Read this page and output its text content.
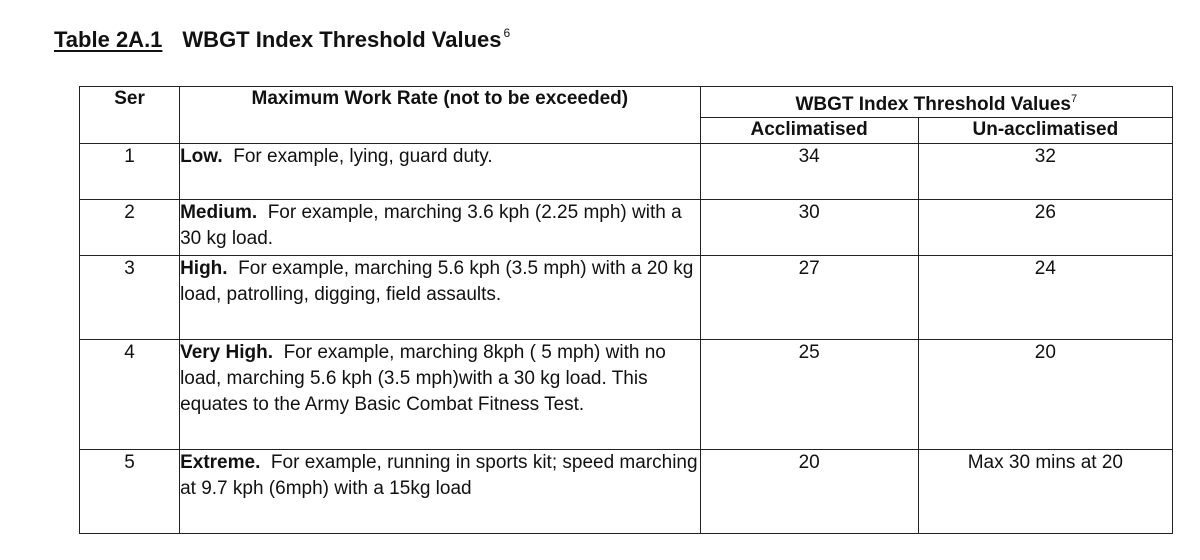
Table 2A.1 WBGT Index Threshold Values $^6$
Ser	Maximum Work Rate (not to be exceeded)	WBGT Index Threshold Values$^7$
		Acclimatised	Un-acclimatised
1	Low. For example, lying, guard duty.	34	32
2	Medium. For example, marching 3.6 kph (2.25 mph) with a 30 kg load.	30	26
3	High. For example, marching 5.6 kph (3.5 mph) with a 20 kg load, patrolling, digging, field assaults.	27	24
4	Very High. For example, marching 8kph ( 5 mph) with no load, marching 5.6 kph (3.5 mph)with a 30 kg load. This equates to the Army Basic Combat Fitness Test.	25	20
5	Extreme. For example, running in sports kit; speed marching at 9.7 kph (6mph) with a 15kg load	20	Max 30 mins at 20
